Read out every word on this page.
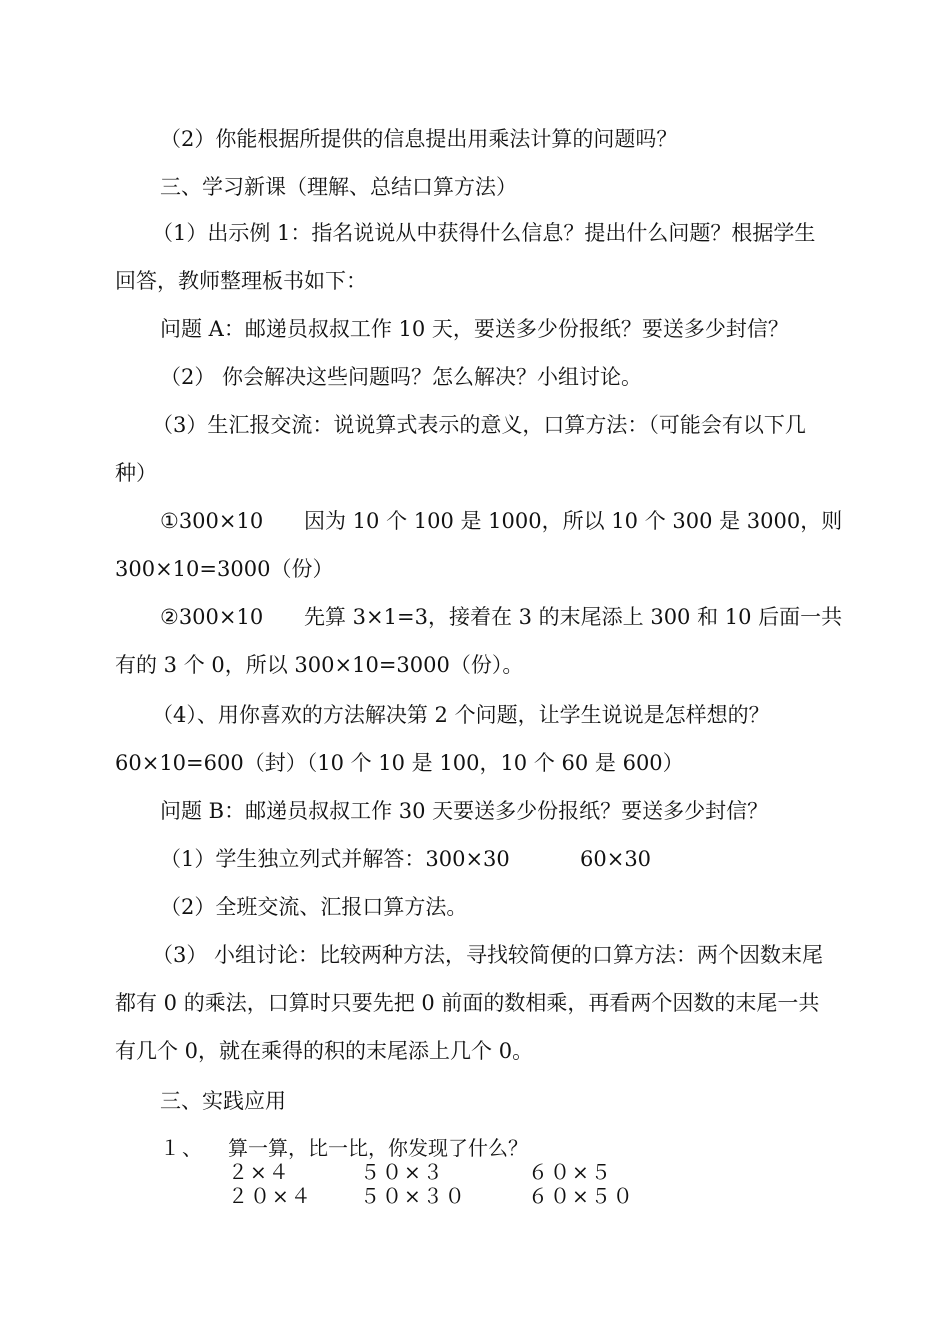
（2）你能根据所提供的信息提出用乘法计算的问题吗？
三、学习新课（理解、总结口算方法）
（1）出示例 1：指名说说从中获得什么信息？提出什么问题？根据学生
回答，教师整理板书如下：
问题 A：邮递员叔叔工作 10 天，要送多少份报纸？要送多少封信？
（2） 你会解决这些问题吗？怎么解决？小组讨论。
（3）生汇报交流：说说算式表示的意义，口算方法：（可能会有以下几
种）
①300×10 因为 10 个 100 是 1000，所以 10 个 300 是 3000，则
300×10=3000（份）
②300×10 先算 3×1=3，接着在 3 的末尾添上 300 和 10 后面一共
有的 3 个 0，所以 300×10=3000（份）。
（4）、用你喜欢的方法解决第 2 个问题，让学生说说是怎样想的？
60×10=600（封）（10 个 10 是 100，10 个 60 是 600）
问题 B：邮递员叔叔工作 30 天要送多少份报纸？要送多少封信？
（1）学生独立列式并解答：300×30	60×30
（2）全班交流、汇报口算方法。
（3） 小组讨论：比较两种方法，寻找较简便的口算方法：两个因数末尾
都有 0 的乘法，口算时只要先把 0 前面的数相乘，再看两个因数的末尾一共
有几个 0，就在乘得的积的末尾添上几个 0。
三、实践应用
１、 算一算，比一比，你发现了什么？
２×４	５０×３	６０×５
２０×４ ５０×３０	６０×５０
